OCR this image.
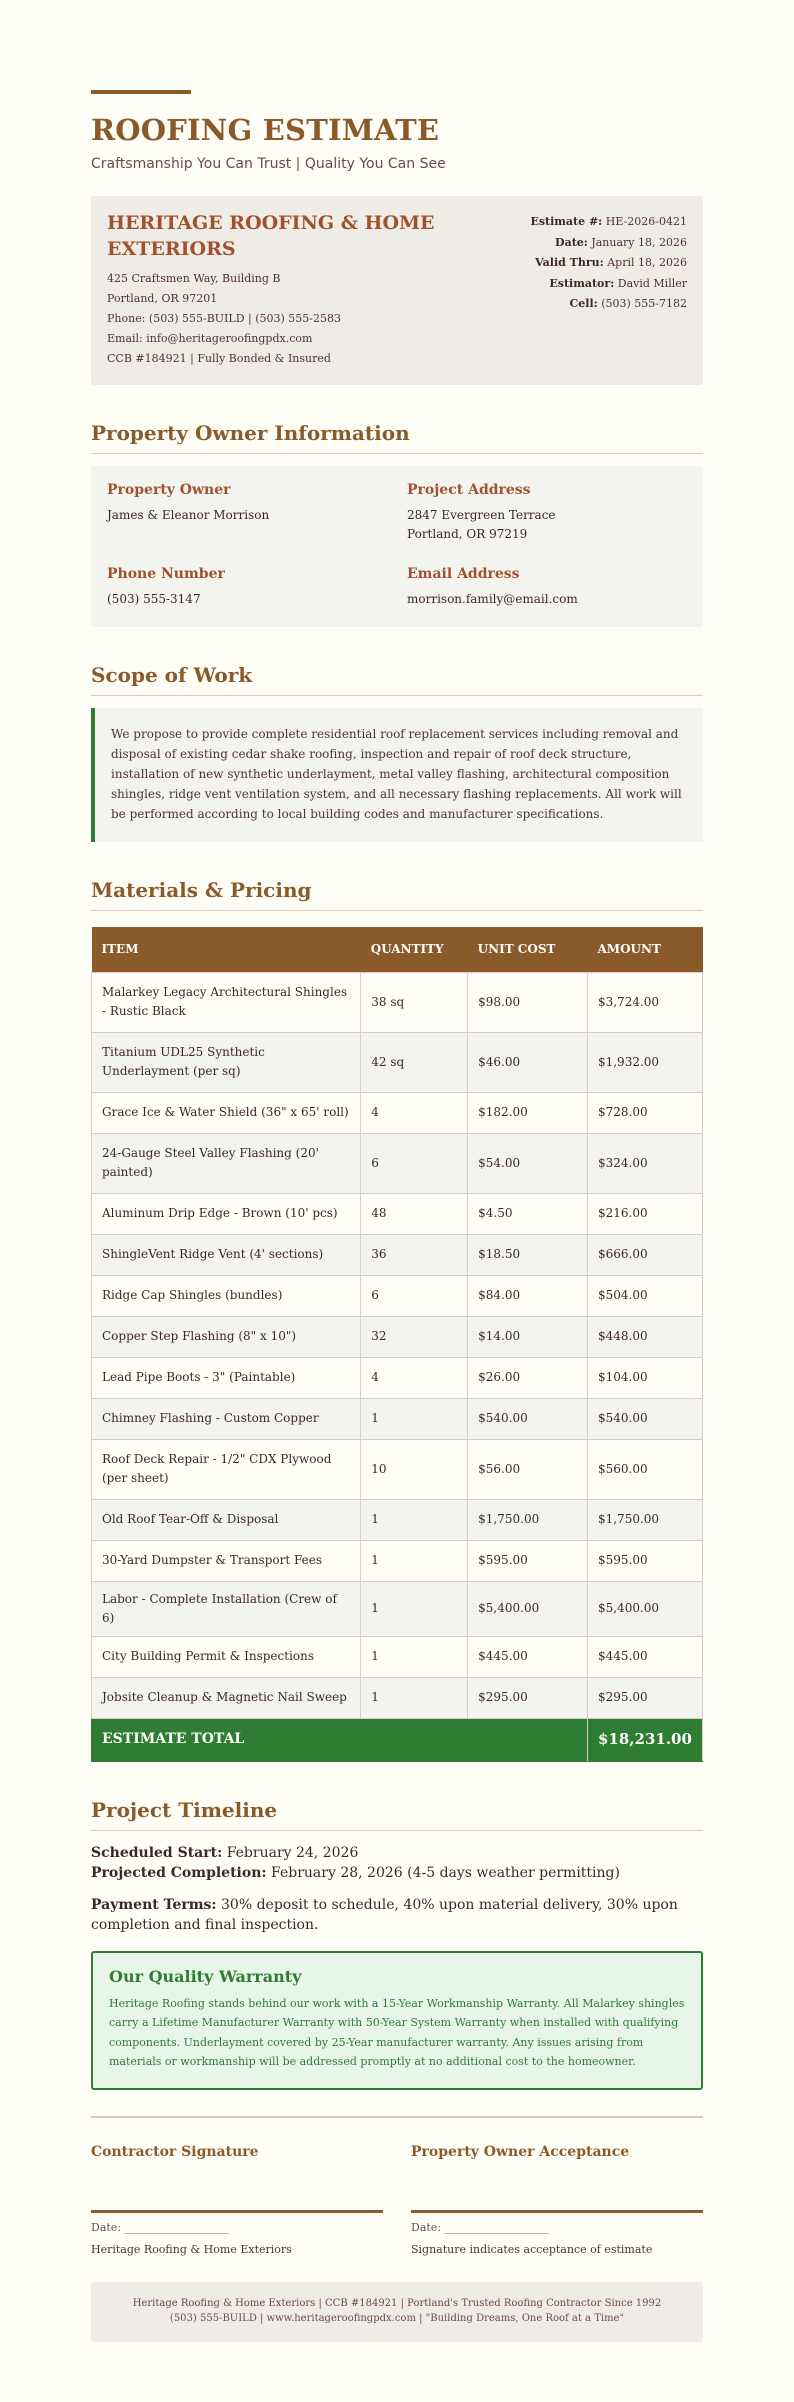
ROOFING ESTIMATE
Craftsmanship You Can Trust | Quality You Can See
HERITAGE ROOFING & HOME EXTERIORS
425 Craftsmen Way, Building B
Portland, OR 97201
Phone: (503) 555-BUILD | (503) 555-2583
Email: info@heritageroofingpdx.com
CCB #184921 | Fully Bonded & Insured
Estimate #: HE-2026-0421
Date: January 18, 2026
Valid Thru: April 18, 2026
Estimator: David Miller
Cell: (503) 555-7182
Property Owner Information
Property Owner
James & Eleanor Morrison
Project Address
2847 Evergreen Terrace
Portland, OR 97219
Phone Number
(503) 555-3147
Email Address
morrison.family@email.com
Scope of Work

We propose to provide complete residential roof replacement services including removal and disposal of existing cedar shake roofing, inspection and repair of roof deck structure, installation of new synthetic underlayment, metal valley flashing, architectural composition shingles, ridge vent ventilation system, and all necessary flashing replacements. All work will be performed according to local building codes and manufacturer specifications.

Materials & Pricing
ITEM	QUANTITY	UNIT COST	AMOUNT
Malarkey Legacy Architectural Shingles - Rustic Black	38 sq	$98.00	$3,724.00
Titanium UDL25 Synthetic Underlayment (per sq)	42 sq	$46.00	$1,932.00
Grace Ice & Water Shield (36" x 65' roll)	4	$182.00	$728.00
24-Gauge Steel Valley Flashing (20' painted)	6	$54.00	$324.00
Aluminum Drip Edge - Brown (10' pcs)	48	$4.50	$216.00
ShingleVent Ridge Vent (4' sections)	36	$18.50	$666.00
Ridge Cap Shingles (bundles)	6	$84.00	$504.00
Copper Step Flashing (8" x 10")	32	$14.00	$448.00
Lead Pipe Boots - 3" (Paintable)	4	$26.00	$104.00
Chimney Flashing - Custom Copper	1	$540.00	$540.00
Roof Deck Repair - 1/2" CDX Plywood (per sheet)	10	$56.00	$560.00
Old Roof Tear-Off & Disposal	1	$1,750.00	$1,750.00
30-Yard Dumpster & Transport Fees	1	$595.00	$595.00
Labor - Complete Installation (Crew of 6)	1	$5,400.00	$5,400.00
City Building Permit & Inspections	1	$445.00	$445.00
Jobsite Cleanup & Magnetic Nail Sweep	1	$295.00	$295.00
ESTIMATE TOTAL			$18,231.00
Project Timeline
Scheduled Start: February 24, 2026
Projected Completion: February 28, 2026 (4-5 days weather permitting)
Payment Terms: 30% deposit to schedule, 40% upon material delivery, 30% upon completion and final inspection.
Our Quality Warranty

Heritage Roofing stands behind our work with a 15-Year Workmanship Warranty. All Malarkey shingles carry a Lifetime Manufacturer Warranty with 50-Year System Warranty when installed with qualifying components. Underlayment covered by 25-Year manufacturer warranty. Any issues arising from materials or workmanship will be addressed promptly at no additional cost to the homeowner.

Contractor Signature
Date: ___________________
Heritage Roofing & Home Exteriors
Property Owner Acceptance
Date: ___________________
Signature indicates acceptance of estimate
Heritage Roofing & Home Exteriors | CCB #184921 | Portland's Trusted Roofing Contractor Since 1992
(503) 555-BUILD | www.heritageroofingpdx.com | "Building Dreams, One Roof at a Time"
